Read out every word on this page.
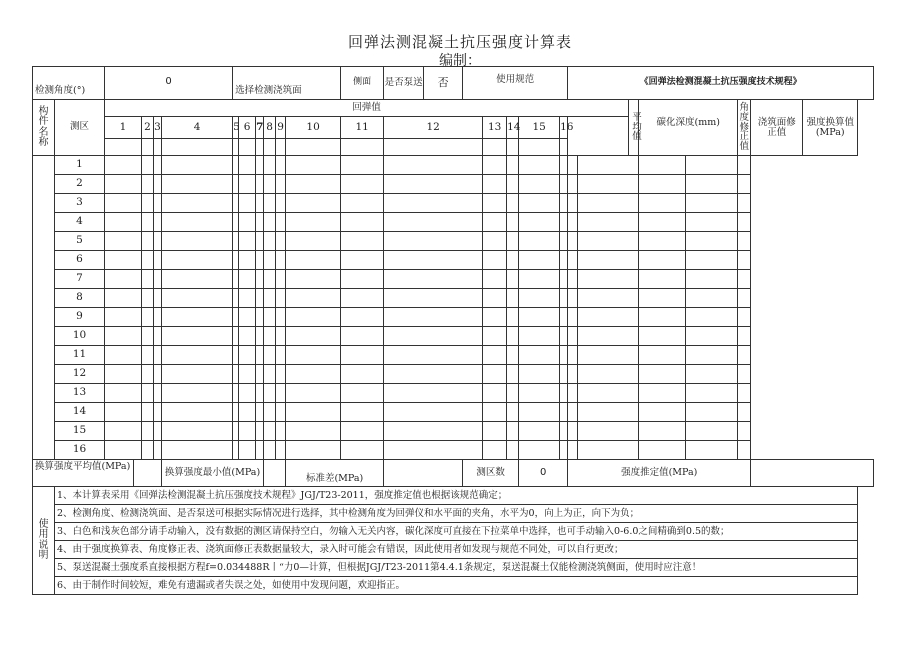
回弹法测混凝土抗压强度计算表
编制：
检测角度(°)		0					选择检测浇筑面						侧面	是否泵送	否	使用规范					《回弹法检测混凝土抗压强度技术规程》							

构件名称	测区	回弹值																					平均值	碳化深度(mm)		角度修正值	浇筑面修正值	强度换算值(MPa)
		1		2	3	4	5	6	7	8	9	10	11	12			13	14	15	16								

	1																											
	2																											
	3																											
	4																											
	5																											
	6																											
	7																											
	8																											
	9																											
	10																											
	11																											
	12																											
	13																											
	14																											
	15																											
	16																											
换算强度平均值(MPa)						换算强度最小值(MPa)						标准差(MPa)				测区数			0		强度推定值(MPa)							

使用说明	1、本计算表采用《回弹法检测混凝土抗压强度技术规程》JGJ/T23-2011，强度推定值也根据该规范确定；																											
	2、检测角度、检测浇筑面、是否泵送可根据实际情况进行选择，其中检测角度为回弹仪和水平面的夹角，水平为0，向上为正，向下为负；																											
	3、白色和浅灰色部分请手动输入，没有数据的测区请保持空白，勿输入无关内容，碳化深度可直接在下拉菜单中选择，也可手动输入0-6.0之间精确到0.5的数；																											
	4、由于强度换算表、角度修正表、浇筑面修正表数据量较大，录入时可能会有错误，因此使用者如发现与规范不同处，可以自行更改；																											
	5、泵送混凝土强度系直接根据方程f=0.034488R丨“力0—计算，但根据JGJ/T23-2011第4.4.1条规定，泵送混凝土仅能检测浇筑侧面，使用时应注意！																											
	6、由于制作时间较短，难免有遗漏或者失误之处，如使用中发现问题，欢迎指正。																											
